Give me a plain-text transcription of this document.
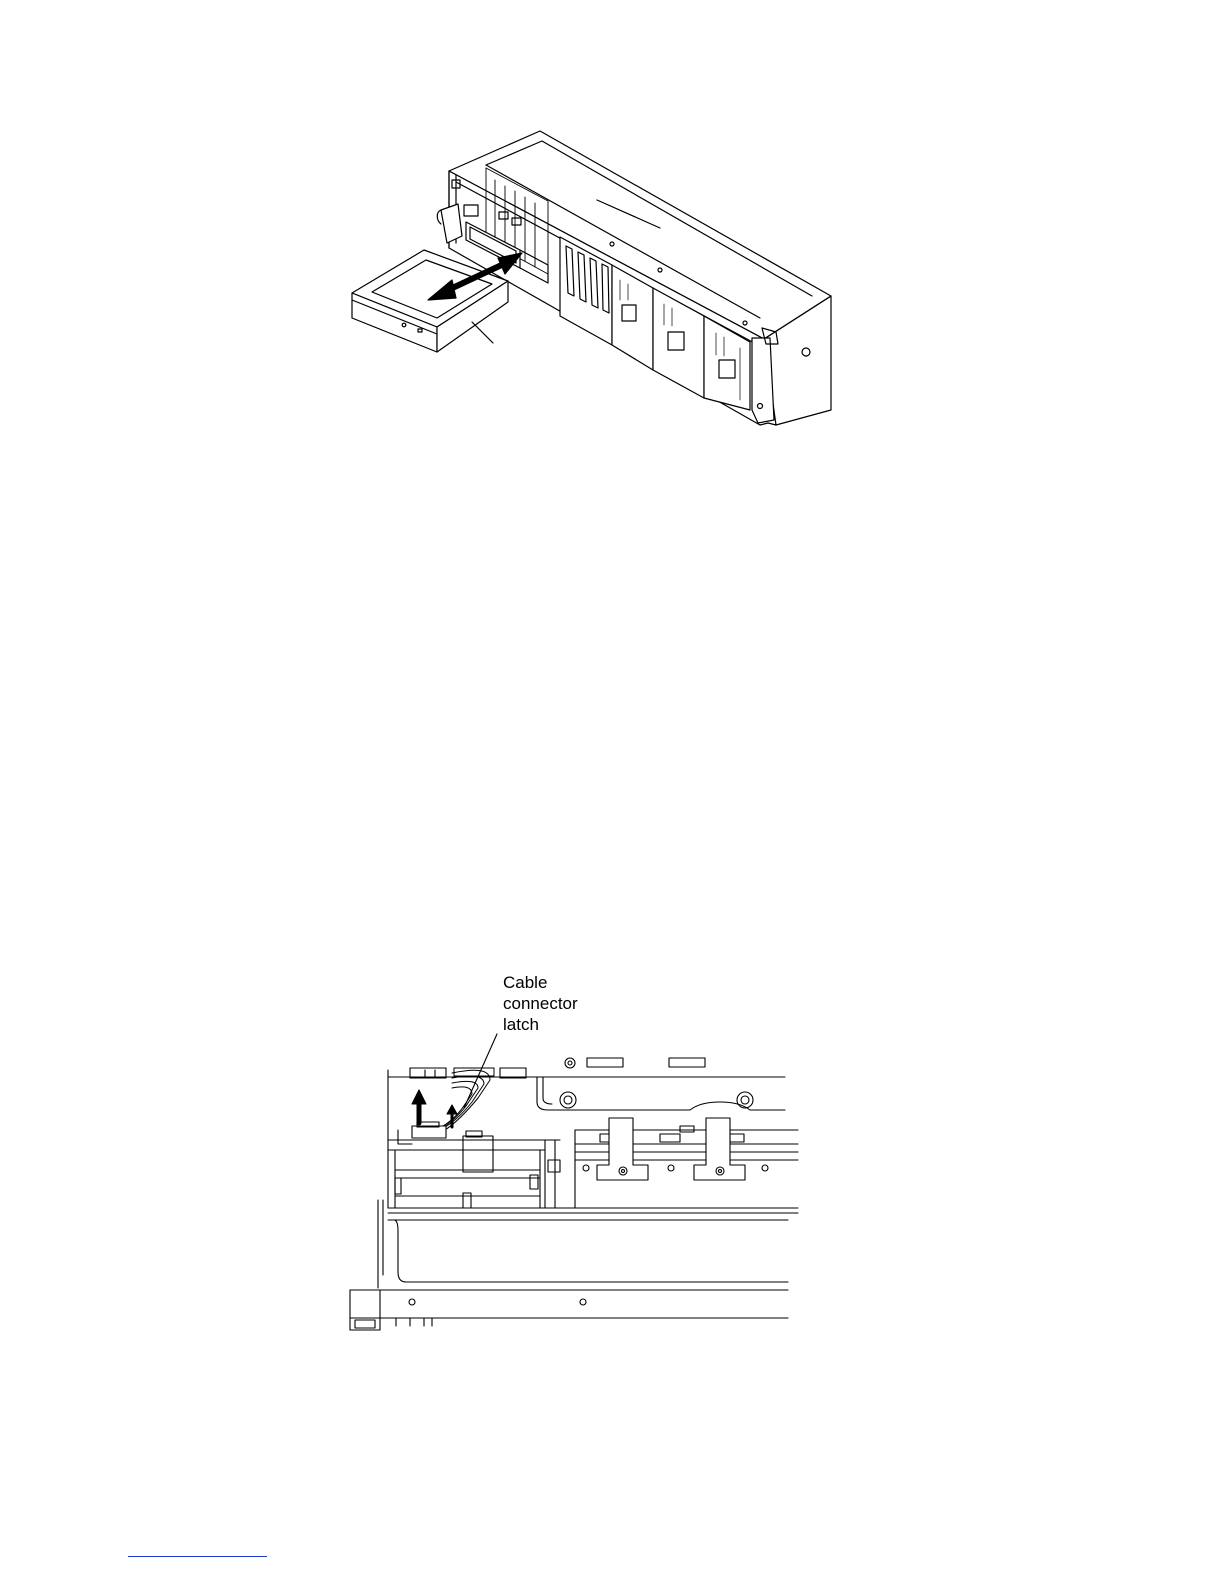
Cable
connector
latch
